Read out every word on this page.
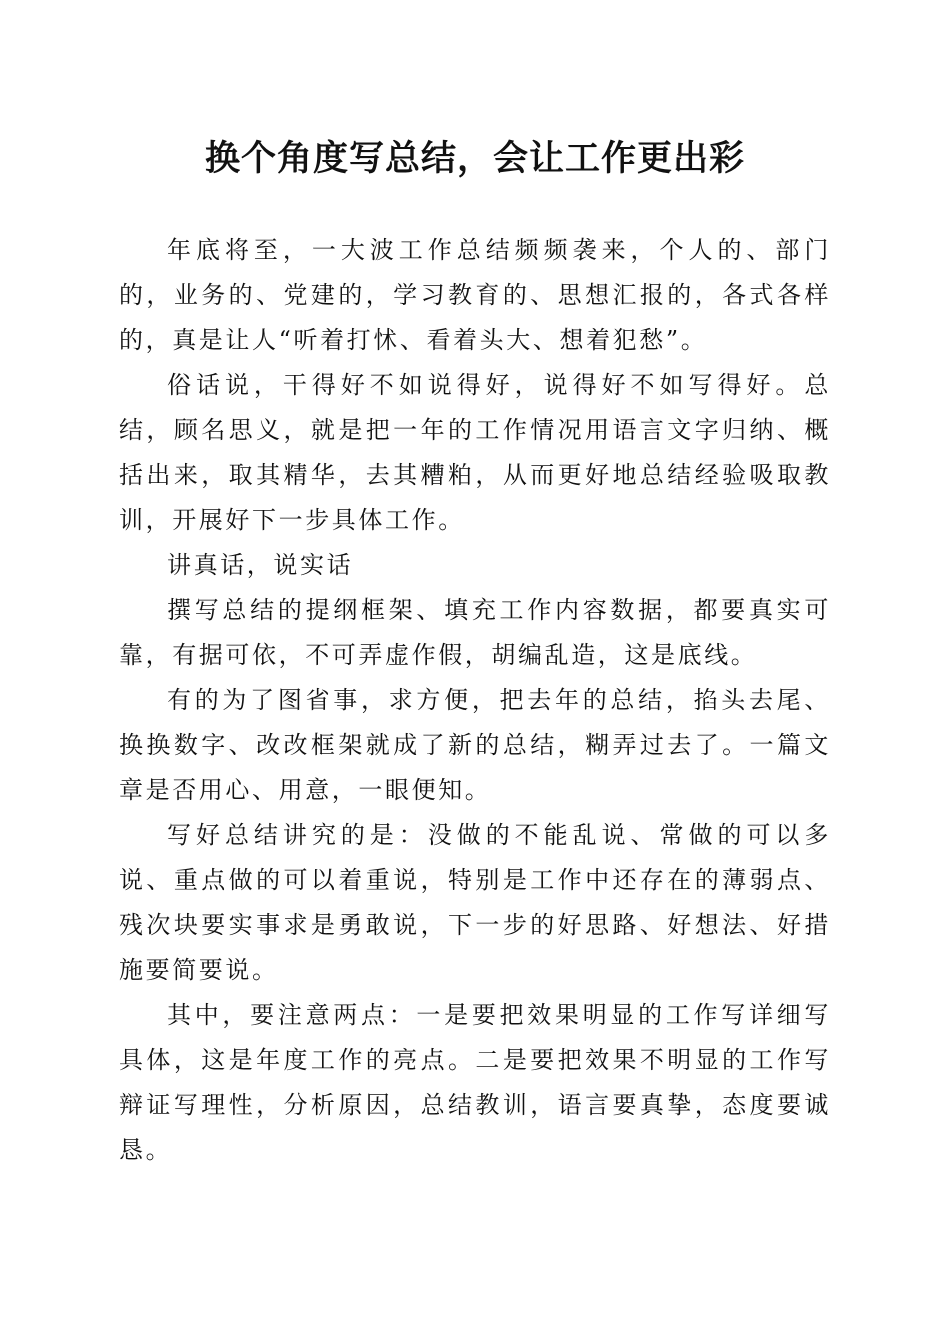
换个角度写总结，会让工作更出彩

年底将至，一大波工作总结频频袭来，个人的、部门的，业务的、党建的，学习教育的、思想汇报的，各式各样的，真是让人“听着打怵、看着头大、想着犯愁”。

俗话说，干得好不如说得好，说得好不如写得好。总结，顾名思义，就是把一年的工作情况用语言文字归纳、概括出来，取其精华，去其糟粕，从而更好地总结经验吸取教训，开展好下一步具体工作。

讲真话，说实话

撰写总结的提纲框架、填充工作内容数据，都要真实可靠，有据可依，不可弄虚作假，胡编乱造，这是底线。

有的为了图省事，求方便，把去年的总结，掐头去尾、换换数字、改改框架就成了新的总结，糊弄过去了。一篇文章是否用心、用意，一眼便知。

写好总结讲究的是：没做的不能乱说、常做的可以多说、重点做的可以着重说，特别是工作中还存在的薄弱点、残次块要实事求是勇敢说，下一步的好思路、好想法、好措施要简要说。

其中，要注意两点：一是要把效果明显的工作写详细写具体，这是年度工作的亮点。二是要把效果不明显的工作写辩证写理性，分析原因，总结教训，语言要真挚，态度要诚恳。
